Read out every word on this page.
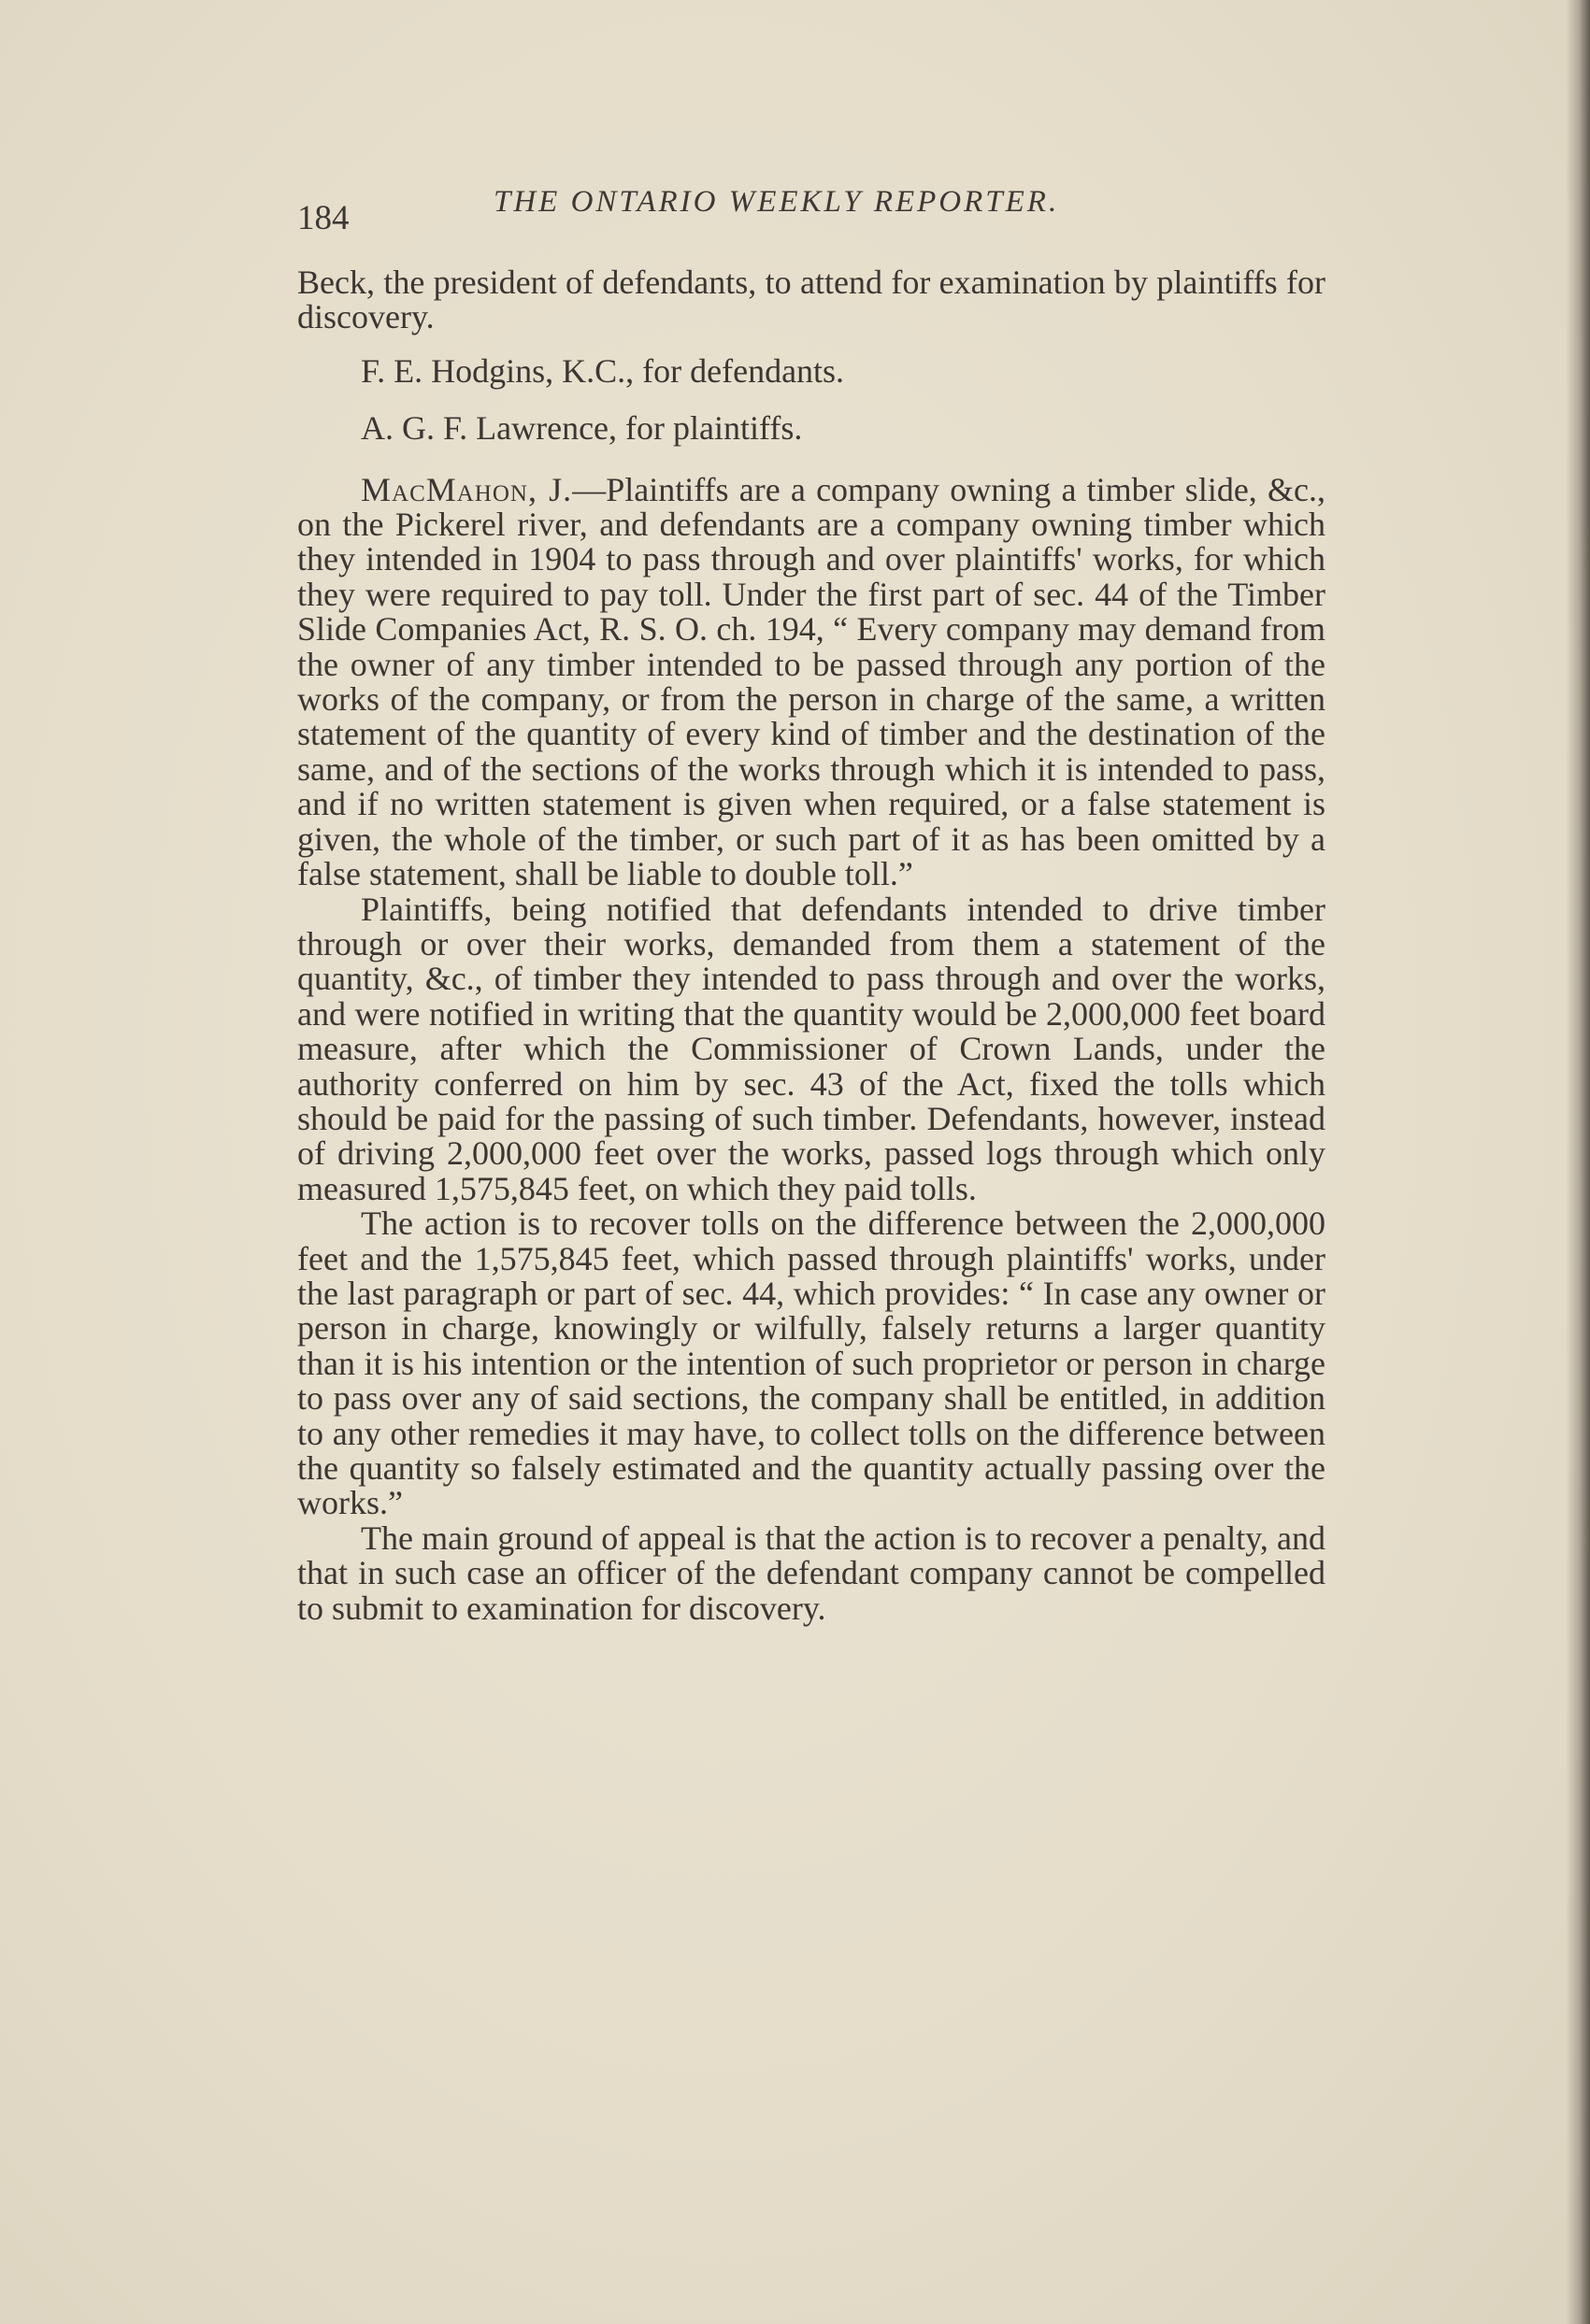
184	THE ONTARIO WEEKLY REPORTER.

Beck, the president of defendants, to attend for examination by plaintiffs for discovery.

F. E. Hodgins, K.C., for defendants.

A. G. F. Lawrence, for plaintiffs.

MacMahon, J.—Plaintiffs are a company owning a timber slide, &c., on the Pickerel river, and defendants are a company owning timber which they intended in 1904 to pass through and over plaintiffs' works, for which they were required to pay toll. Under the first part of sec. 44 of the Timber Slide Companies Act, R. S. O. ch. 194, “ Every company may demand from the owner of any timber intended to be passed through any portion of the works of the company, or from the person in charge of the same, a written statement of the quantity of every kind of timber and the destination of the same, and of the sections of the works through which it is intended to pass, and if no written statement is given when required, or a false statement is given, the whole of the timber, or such part of it as has been omitted by a false statement, shall be liable to double toll.”

Plaintiffs, being notified that defendants intended to drive timber through or over their works, demanded from them a statement of the quantity, &c., of timber they intended to pass through and over the works, and were notified in writing that the quantity would be 2,000,000 feet board measure, after which the Commissioner of Crown Lands, under the authority conferred on him by sec. 43 of the Act, fixed the tolls which should be paid for the passing of such timber. Defendants, however, instead of driving 2,000,000 feet over the works, passed logs through which only measured 1,575,845 feet, on which they paid tolls.

The action is to recover tolls on the difference between the 2,000,000 feet and the 1,575,845 feet, which passed through plaintiffs' works, under the last paragraph or part of sec. 44, which provides: “ In case any owner or person in charge, knowingly or wilfully, falsely returns a larger quantity than it is his intention or the intention of such proprietor or person in charge to pass over any of said sections, the company shall be entitled, in addition to any other remedies it may have, to collect tolls on the difference between the quantity so falsely estimated and the quantity actually passing over the works.”

The main ground of appeal is that the action is to recover a penalty, and that in such case an officer of the defendant company cannot be compelled to submit to examination for discovery.
